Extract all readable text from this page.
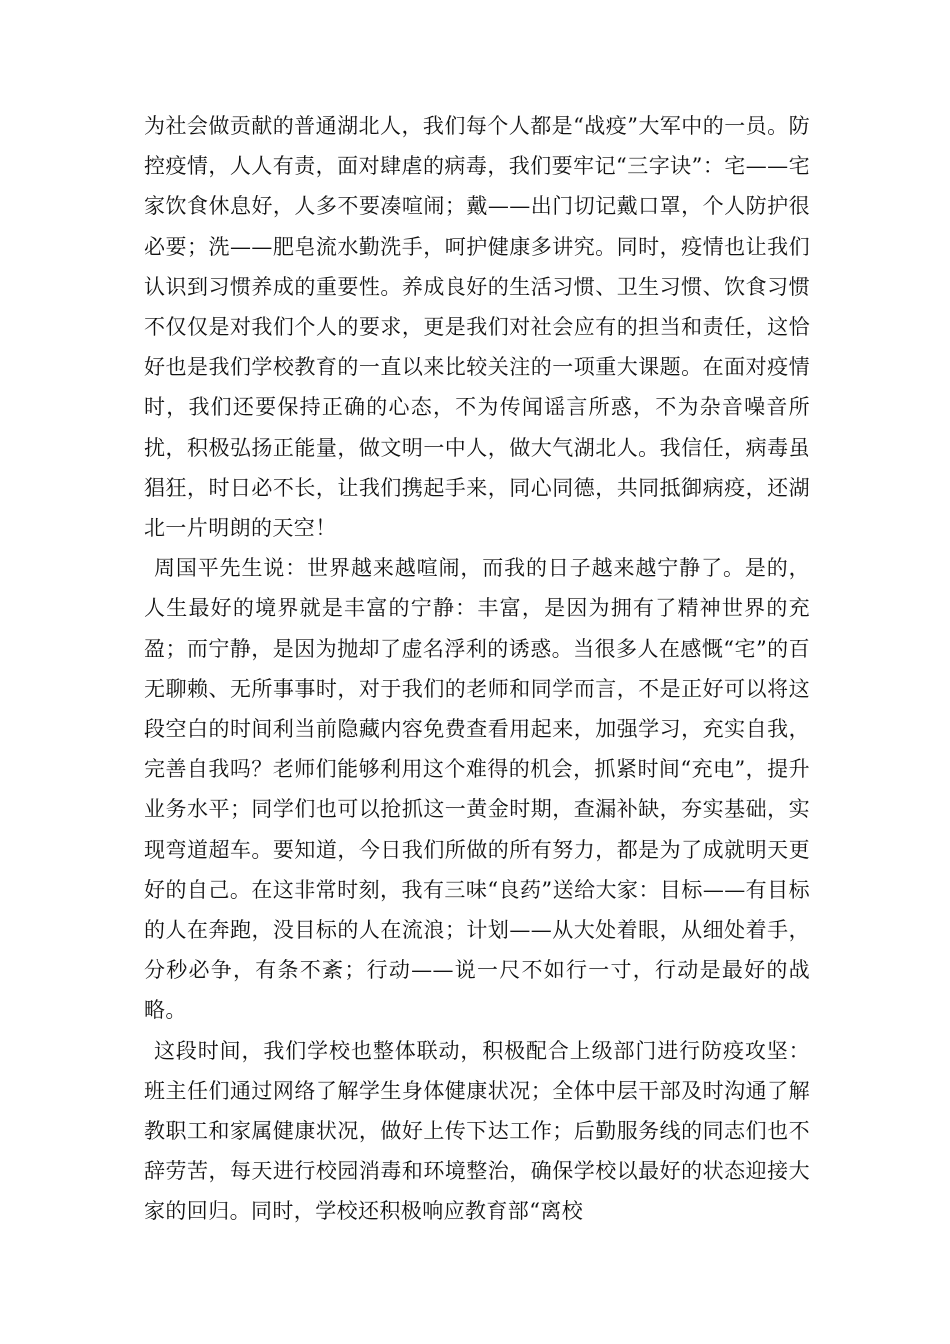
为社会做贡献的普通湖北人，我们每个人都是“战疫”大军中的一员。防控疫情，人人有责，面对肆虐的病毒，我们要牢记“三字诀”：宅——宅家饮食休息好，人多不要凑喧闹；戴——出门切记戴口罩，个人防护很必要；洗——肥皂流水勤洗手，呵护健康多讲究。同时，疫情也让我们认识到习惯养成的重要性。养成良好的生活习惯、卫生习惯、饮食习惯不仅仅是对我们个人的要求，更是我们对社会应有的担当和责任，这恰好也是我们学校教育的一直以来比较关注的一项重大课题。在面对疫情时，我们还要保持正确的心态，不为传闻谣言所惑，不为杂音噪音所扰，积极弘扬正能量，做文明一中人，做大气湖北人。我信任，病毒虽猖狂，时日必不长，让我们携起手来，同心同德，共同抵御病疫，还湖北一片明朗的天空！

周国平先生说：世界越来越喧闹，而我的日子越来越宁静了。是的，人生最好的境界就是丰富的宁静：丰富，是因为拥有了精神世界的充盈；而宁静，是因为抛却了虚名浮利的诱惑。当很多人在感慨“宅”的百无聊赖、无所事事时，对于我们的老师和同学而言，不是正好可以将这段空白的时间利当前隐藏内容免费查看用起来，加强学习，充实自我，完善自我吗？老师们能够利用这个难得的机会，抓紧时间“充电”，提升业务水平；同学们也可以抢抓这一黄金时期，查漏补缺，夯实基础，实现弯道超车。要知道，今日我们所做的所有努力，都是为了成就明天更好的自己。在这非常时刻，我有三味“良药”送给大家：目标——有目标的人在奔跑，没目标的人在流浪；计划——从大处着眼，从细处着手，分秒必争，有条不紊；行动——说一尺不如行一寸，行动是最好的战略。

这段时间，我们学校也整体联动，积极配合上级部门进行防疫攻坚：班主任们通过网络了解学生身体健康状况；全体中层干部及时沟通了解教职工和家属健康状况，做好上传下达工作；后勤服务线的同志们也不辞劳苦，每天进行校园消毒和环境整治，确保学校以最好的状态迎接大家的回归。同时，学校还积极响应教育部“离校
